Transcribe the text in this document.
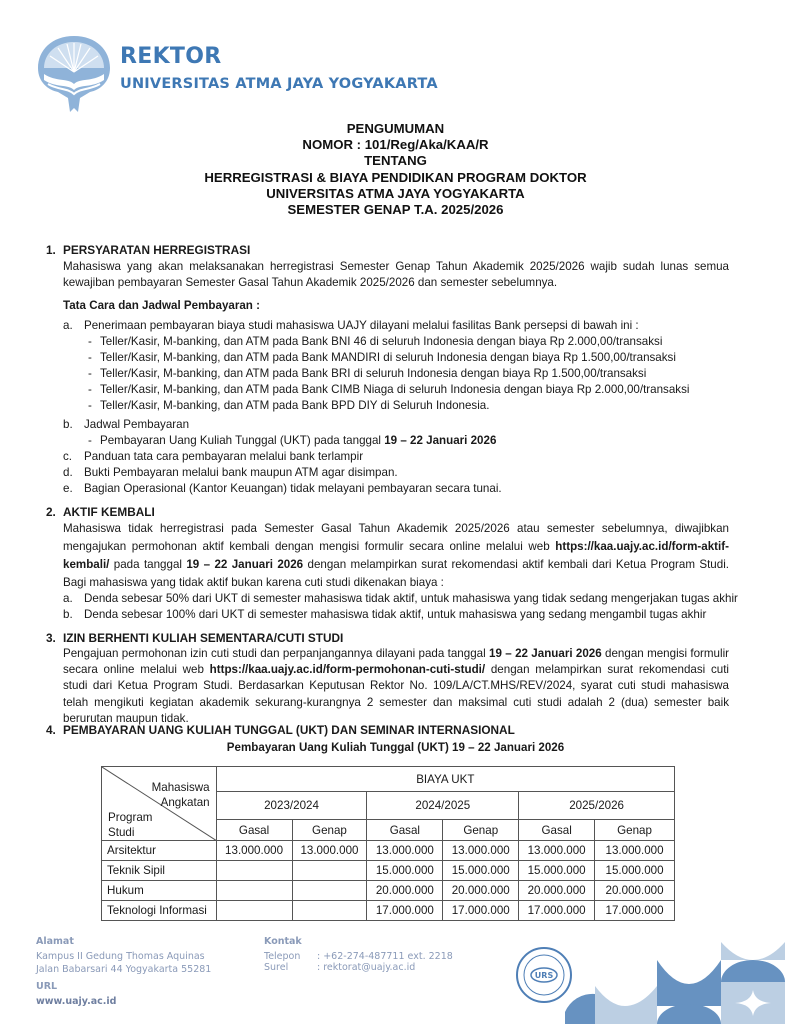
REKTOR
UNIVERSITAS ATMA JAYA YOGYAKARTA
PENGUMUMAN
NOMOR : 101/Reg/Aka/KAA/R
TENTANG
HERREGISTRASI & BIAYA PENDIDIKAN PROGRAM DOKTOR
UNIVERSITAS ATMA JAYA YOGYAKARTA
SEMESTER GENAP T.A. 2025/2026
1. PERSYARATAN HERREGISTRASI
Mahasiswa yang akan melaksanakan herregistrasi Semester Genap Tahun Akademik 2025/2026 wajib sudah lunas semua kewajiban pembayaran Semester Gasal Tahun Akademik 2025/2026 dan semester sebelumnya.
Tata Cara dan Jadwal Pembayaran :
a. Penerimaan pembayaran biaya studi mahasiswa UAJY dilayani melalui fasilitas Bank persepsi di bawah ini :
- Teller/Kasir, M-banking, dan ATM pada Bank BNI 46 di seluruh Indonesia dengan biaya Rp 2.000,00/transaksi
- Teller/Kasir, M-banking, dan ATM pada Bank MANDIRI di seluruh Indonesia dengan biaya Rp 1.500,00/transaksi
- Teller/Kasir, M-banking, dan ATM pada Bank BRI di seluruh Indonesia dengan biaya Rp 1.500,00/transaksi
- Teller/Kasir, M-banking, dan ATM pada Bank CIMB Niaga di seluruh Indonesia dengan biaya Rp 2.000,00/transaksi
- Teller/Kasir, M-banking, dan ATM pada Bank BPD DIY di Seluruh Indonesia.
b. Jadwal Pembayaran
- Pembayaran Uang Kuliah Tunggal (UKT) pada tanggal 19 – 22 Januari 2026
c. Panduan tata cara pembayaran melalui bank terlampir
d. Bukti Pembayaran melalui bank maupun ATM agar disimpan.
e. Bagian Operasional (Kantor Keuangan) tidak melayani pembayaran secara tunai.
2. AKTIF KEMBALI
Mahasiswa tidak herregistrasi pada Semester Gasal Tahun Akademik 2025/2026 atau semester sebelumnya, diwajibkan mengajukan permohonan aktif kembali dengan mengisi formulir secara online melalui web https://kaa.uajy.ac.id/form-aktif-kembali/ pada tanggal 19 – 22 Januari 2026 dengan melampirkan surat rekomendasi aktif kembali dari Ketua Program Studi. Bagi mahasiswa yang tidak aktif bukan karena cuti studi dikenakan biaya :
a. Denda sebesar 50% dari UKT di semester mahasiswa tidak aktif, untuk mahasiswa yang tidak sedang mengerjakan tugas akhir
b. Denda sebesar 100% dari UKT di semester mahasiswa tidak aktif, untuk mahasiswa yang sedang mengambil tugas akhir
3. IZIN BERHENTI KULIAH SEMENTARA/CUTI STUDI
Pengajuan permohonan izin cuti studi dan perpanjangannya dilayani pada tanggal 19 – 22 Januari 2026 dengan mengisi formulir secara online melalui web https://kaa.uajy.ac.id/form-permohonan-cuti-studi/ dengan melampirkan surat rekomendasi cuti studi dari Ketua Program Studi. Berdasarkan Keputusan Rektor No. 109/LA/CT.MHS/REV/2024, syarat cuti studi mahasiswa telah mengikuti kegiatan akademik sekurang-kurangnya 2 semester dan maksimal cuti studi adalah 2 (dua) semester baik berurutan maupun tidak.
4. PEMBAYARAN UANG KULIAH TUNGGAL (UKT) DAN SEMINAR INTERNASIONAL
Pembayaran Uang Kuliah Tunggal (UKT) 19 – 22 Januari 2026
Mahasiswa
Angkatan
Program
Studi	BIAYA UKT					
	2023/2024		2024/2025		2025/2026	
	Gasal	Genap	Gasal	Genap	Gasal	Genap
Arsitektur	13.000.000	13.000.000	13.000.000	13.000.000	13.000.000	13.000.000
Teknik Sipil			15.000.000	15.000.000	15.000.000	15.000.000
Hukum			20.000.000	20.000.000	20.000.000	20.000.000
Teknologi Informasi			17.000.000	17.000.000	17.000.000	17.000.000
Alamat
Kampus II Gedung Thomas Aquinas
Jalan Babarsari 44 Yogyakarta 55281
URL
www.uajy.ac.id
Kontak
Telepon : +62-274-487711 ext. 2218
Surel	: rektorat@uajy.ac.id
URS
